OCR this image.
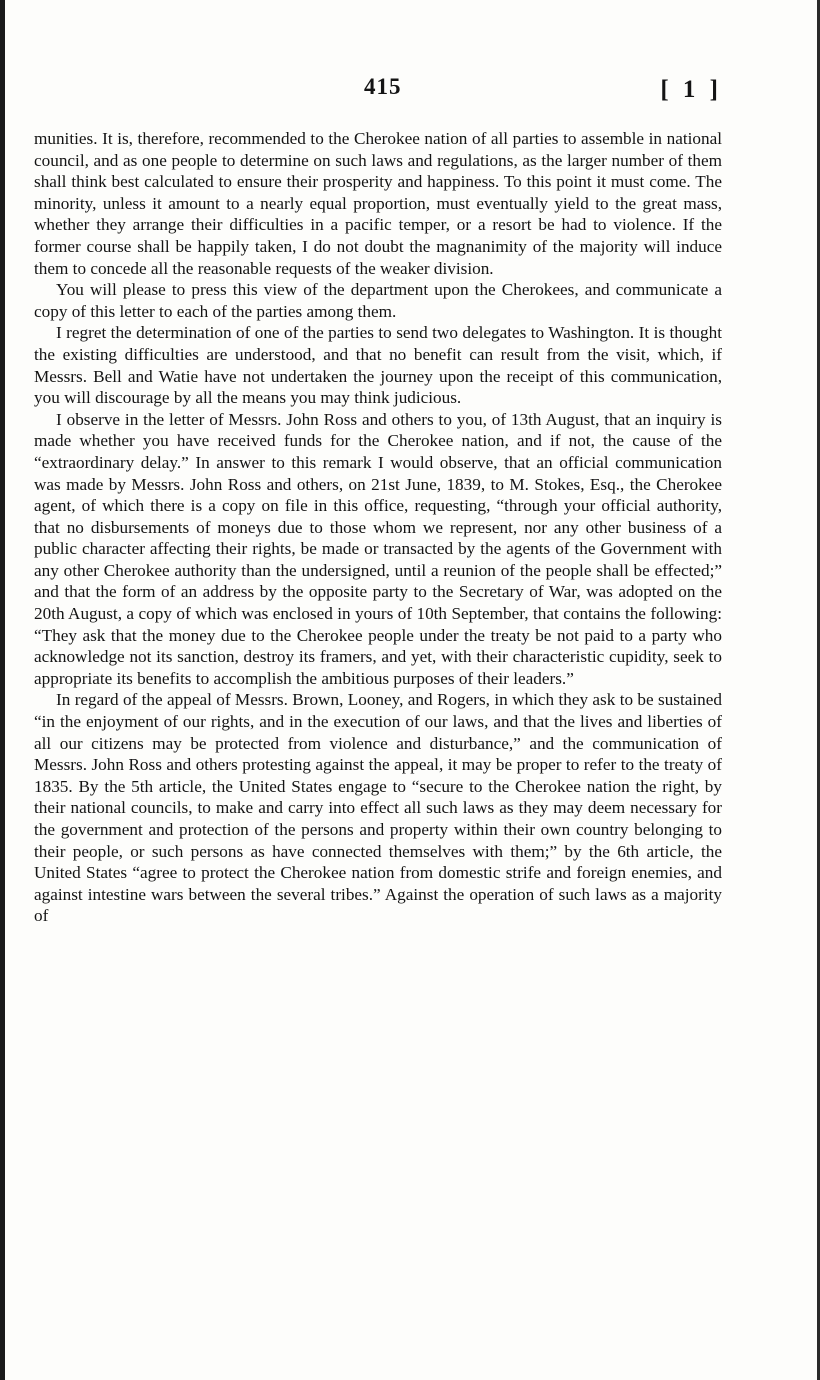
415	[ 1 ]

munities. It is, therefore, recommended to the Cherokee nation of all parties to assemble in national council, and as one people to determine on such laws and regulations, as the larger number of them shall think best calculated to ensure their prosperity and happiness. To this point it must come. The minority, unless it amount to a nearly equal proportion, must eventually yield to the great mass, whether they arrange their difficulties in a pacific temper, or a resort be had to violence. If the former course shall be happily taken, I do not doubt the magnanimity of the majority will induce them to concede all the reasonable requests of the weaker division.

You will please to press this view of the department upon the Cherokees, and communicate a copy of this letter to each of the parties among them.

I regret the determination of one of the parties to send two delegates to Washington. It is thought the existing difficulties are understood, and that no benefit can result from the visit, which, if Messrs. Bell and Watie have not undertaken the journey upon the receipt of this communication, you will discourage by all the means you may think judicious.

I observe in the letter of Messrs. John Ross and others to you, of 13th August, that an inquiry is made whether you have received funds for the Cherokee nation, and if not, the cause of the “extraordinary delay.” In answer to this remark I would observe, that an official communication was made by Messrs. John Ross and others, on 21st June, 1839, to M. Stokes, Esq., the Cherokee agent, of which there is a copy on file in this office, requesting, “through your official authority, that no disbursements of moneys due to those whom we represent, nor any other business of a public character affecting their rights, be made or transacted by the agents of the Government with any other Cherokee authority than the undersigned, until a reunion of the people shall be effected;” and that the form of an address by the opposite party to the Secretary of War, was adopted on the 20th August, a copy of which was enclosed in yours of 10th September, that contains the following: “They ask that the money due to the Cherokee people under the treaty be not paid to a party who acknowledge not its sanction, destroy its framers, and yet, with their characteristic cupidity, seek to appropriate its benefits to accomplish the ambitious purposes of their leaders.”

In regard of the appeal of Messrs. Brown, Looney, and Rogers, in which they ask to be sustained “in the enjoyment of our rights, and in the execution of our laws, and that the lives and liberties of all our citizens may be protected from violence and disturbance,” and the communication of Messrs. John Ross and others protesting against the appeal, it may be proper to refer to the treaty of 1835. By the 5th article, the United States engage to “secure to the Cherokee nation the right, by their national councils, to make and carry into effect all such laws as they may deem necessary for the government and protection of the persons and property within their own country belonging to their people, or such persons as have connected themselves with them;” by the 6th article, the United States “agree to protect the Cherokee nation from domestic strife and foreign enemies, and against intestine wars between the several tribes.” Against the operation of such laws as a majority of
